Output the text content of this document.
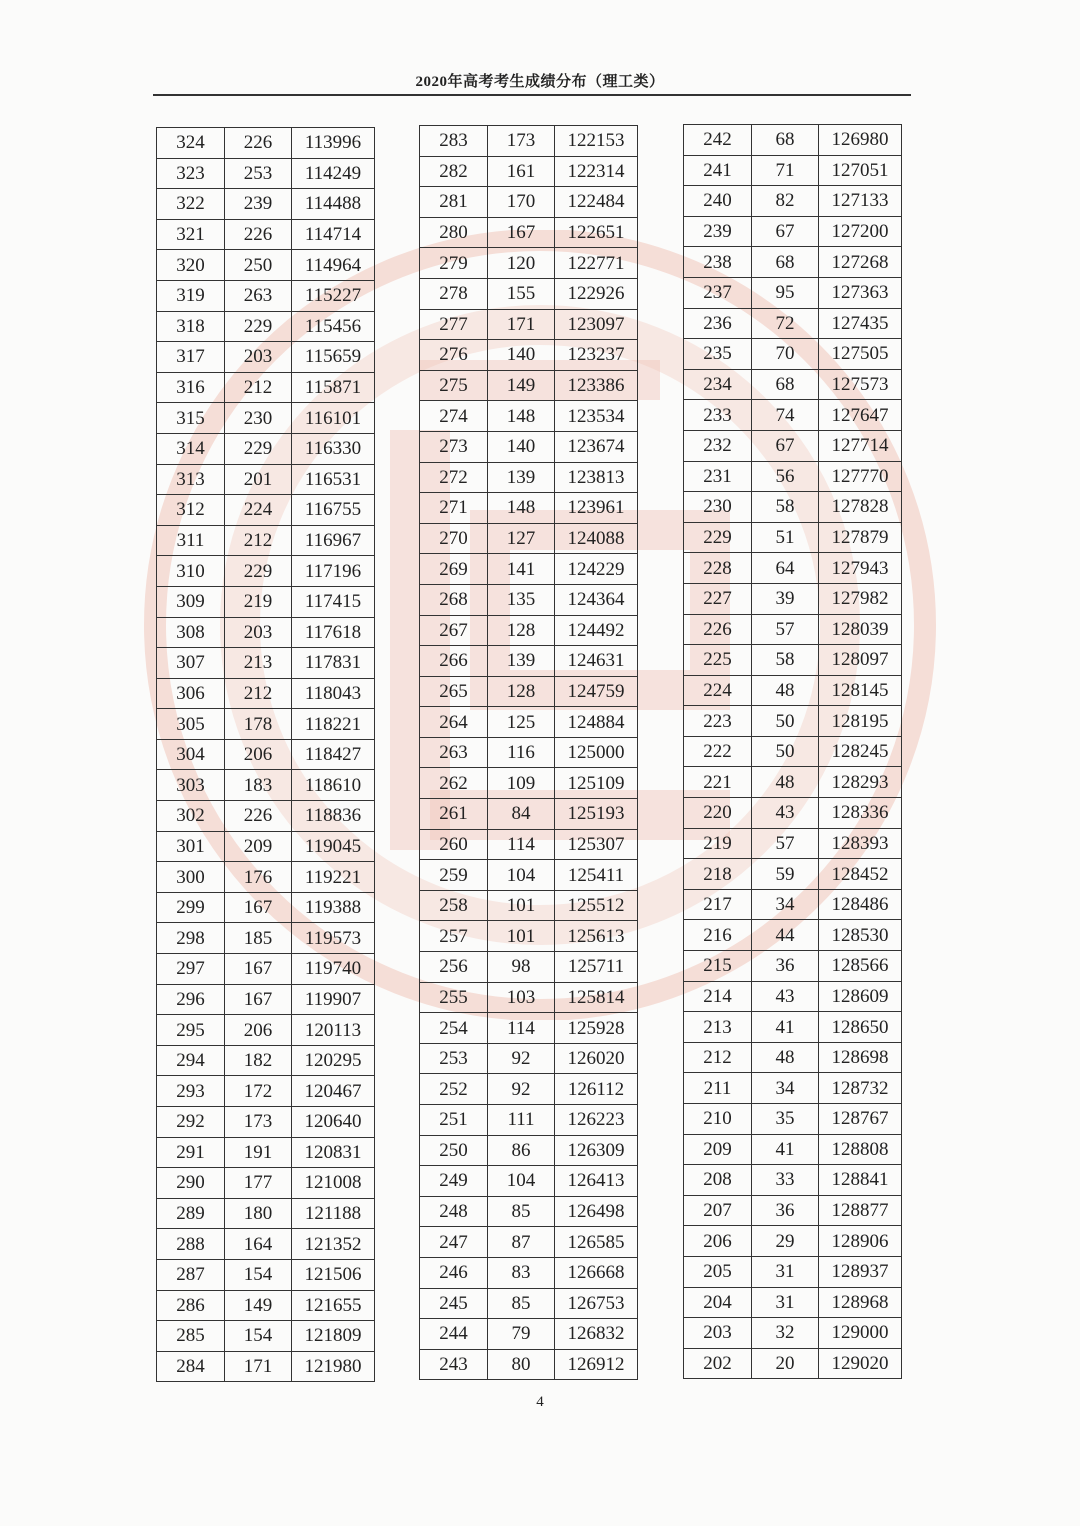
2020年高考考生成绩分布（理工类）
324	226	113996
323	253	114249
322	239	114488
321	226	114714
320	250	114964
319	263	115227
318	229	115456
317	203	115659
316	212	115871
315	230	116101
314	229	116330
313	201	116531
312	224	116755
311	212	116967
310	229	117196
309	219	117415
308	203	117618
307	213	117831
306	212	118043
305	178	118221
304	206	118427
303	183	118610
302	226	118836
301	209	119045
300	176	119221
299	167	119388
298	185	119573
297	167	119740
296	167	119907
295	206	120113
294	182	120295
293	172	120467
292	173	120640
291	191	120831
290	177	121008
289	180	121188
288	164	121352
287	154	121506
286	149	121655
285	154	121809
284	171	121980
283	173	122153
282	161	122314
281	170	122484
280	167	122651
279	120	122771
278	155	122926
277	171	123097
276	140	123237
275	149	123386
274	148	123534
273	140	123674
272	139	123813
271	148	123961
270	127	124088
269	141	124229
268	135	124364
267	128	124492
266	139	124631
265	128	124759
264	125	124884
263	116	125000
262	109	125109
261	84	125193
260	114	125307
259	104	125411
258	101	125512
257	101	125613
256	98	125711
255	103	125814
254	114	125928
253	92	126020
252	92	126112
251	111	126223
250	86	126309
249	104	126413
248	85	126498
247	87	126585
246	83	126668
245	85	126753
244	79	126832
243	80	126912
242	68	126980
241	71	127051
240	82	127133
239	67	127200
238	68	127268
237	95	127363
236	72	127435
235	70	127505
234	68	127573
233	74	127647
232	67	127714
231	56	127770
230	58	127828
229	51	127879
228	64	127943
227	39	127982
226	57	128039
225	58	128097
224	48	128145
223	50	128195
222	50	128245
221	48	128293
220	43	128336
219	57	128393
218	59	128452
217	34	128486
216	44	128530
215	36	128566
214	43	128609
213	41	128650
212	48	128698
211	34	128732
210	35	128767
209	41	128808
208	33	128841
207	36	128877
206	29	128906
205	31	128937
204	31	128968
203	32	129000
202	20	129020
4
